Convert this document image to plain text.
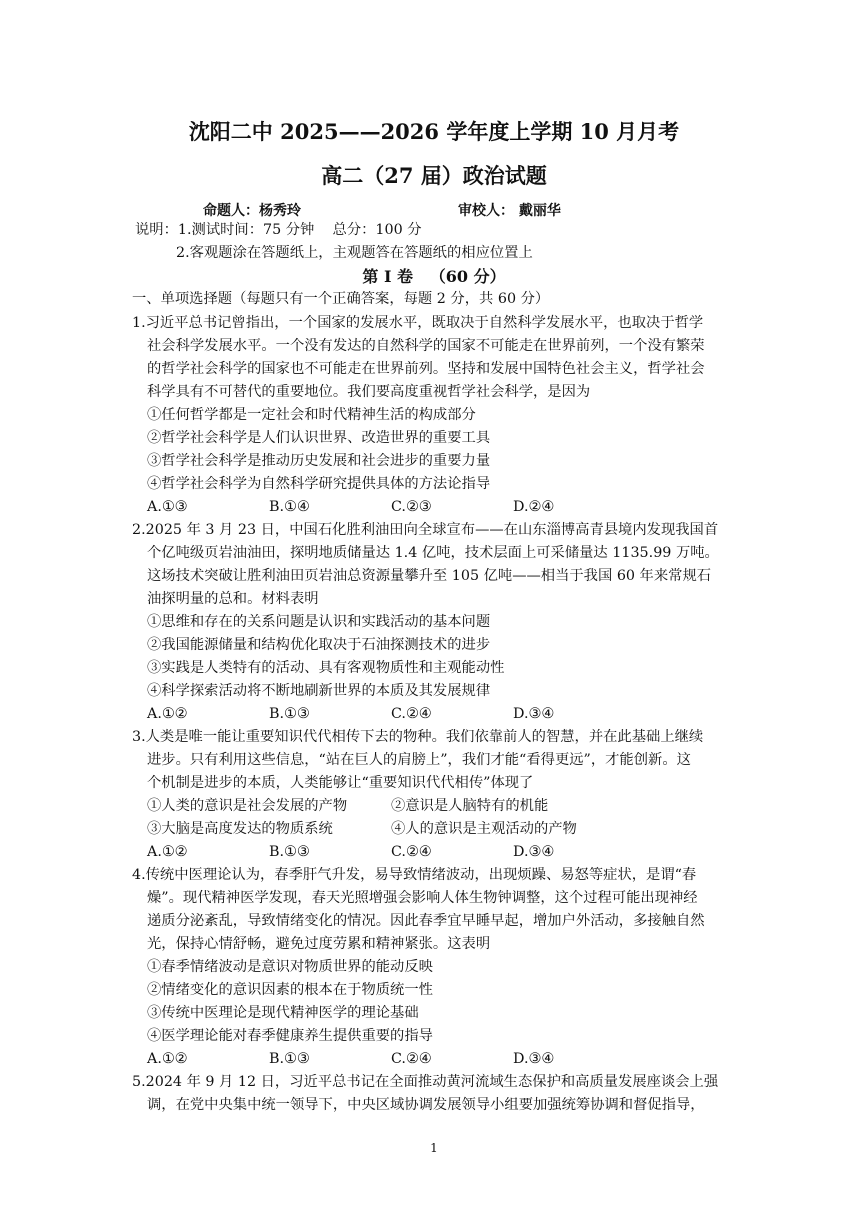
沈阳二中 2025——2026 学年度上学期 10 月月考
高二（27 届）政治试题
命题人：杨秀玲	审校人： 戴丽华
说明：1.测试时间：75 分钟    总分：100 分
2.客观题涂在答题纸上，主观题答在答题纸的相应位置上
第 I 卷   （60 分）
一、单项选择题（每题只有一个正确答案，每题 2 分，共 60 分）
1.习近平总书记曾指出，一个国家的发展水平，既取决于自然科学发展水平，也取决于哲学
社会科学发展水平。一个没有发达的自然科学的国家不可能走在世界前列，一个没有繁荣
的哲学社会科学的国家也不可能走在世界前列。坚持和发展中国特色社会主义，哲学社会
科学具有不可替代的重要地位。我们要高度重视哲学社会科学，是因为
①任何哲学都是一定社会和时代精神生活的构成部分
②哲学社会科学是人们认识世界、改造世界的重要工具
③哲学社会科学是推动历史发展和社会进步的重要力量
④哲学社会科学为自然科学研究提供具体的方法论指导
A.①③	B.①④	C.②③	D.②④
2.2025 年 3 月 23 日，中国石化胜利油田向全球宣布——在山东淄博高青县境内发现我国首
个亿吨级页岩油油田，探明地质储量达 1.4 亿吨，技术层面上可采储量达 1135.99 万吨。
这场技术突破让胜利油田页岩油总资源量攀升至 105 亿吨——相当于我国 60 年来常规石
油探明量的总和。材料表明
①思维和存在的关系问题是认识和实践活动的基本问题
②我国能源储量和结构优化取决于石油探测技术的进步
③实践是人类特有的活动、具有客观物质性和主观能动性
④科学探索活动将不断地刷新世界的本质及其发展规律
A.①②	B.①③	C.②④	D.③④
3.人类是唯一能让重要知识代代相传下去的物种。我们依靠前人的智慧，并在此基础上继续
进步。只有利用这些信息，“站在巨人的肩膀上”，我们才能“看得更远”，才能创新。这
个机制是进步的本质，人类能够让“重要知识代代相传”体现了
①人类的意识是社会发展的产物	②意识是人脑特有的机能
③大脑是高度发达的物质系统	④人的意识是主观活动的产物
A.①②	B.①③	C.②④	D.③④
4.传统中医理论认为，春季肝气升发，易导致情绪波动，出现烦躁、易怒等症状，是谓“春
燥”。现代精神医学发现，春天光照增强会影响人体生物钟调整，这个过程可能出现神经
递质分泌紊乱，导致情绪变化的情况。因此春季宜早睡早起，增加户外活动，多接触自然
光，保持心情舒畅，避免过度劳累和精神紧张。这表明
①春季情绪波动是意识对物质世界的能动反映
②情绪变化的意识因素的根本在于物质统一性
③传统中医理论是现代精神医学的理论基础
④医学理论能对春季健康养生提供重要的指导
A.①②	B.①③	C.②④	D.③④
5.2024 年 9 月 12 日，习近平总书记在全面推动黄河流域生态保护和高质量发展座谈会上强
调，在党中央集中统一领导下，中央区域协调发展领导小组要加强统筹协调和督促指导，
1
